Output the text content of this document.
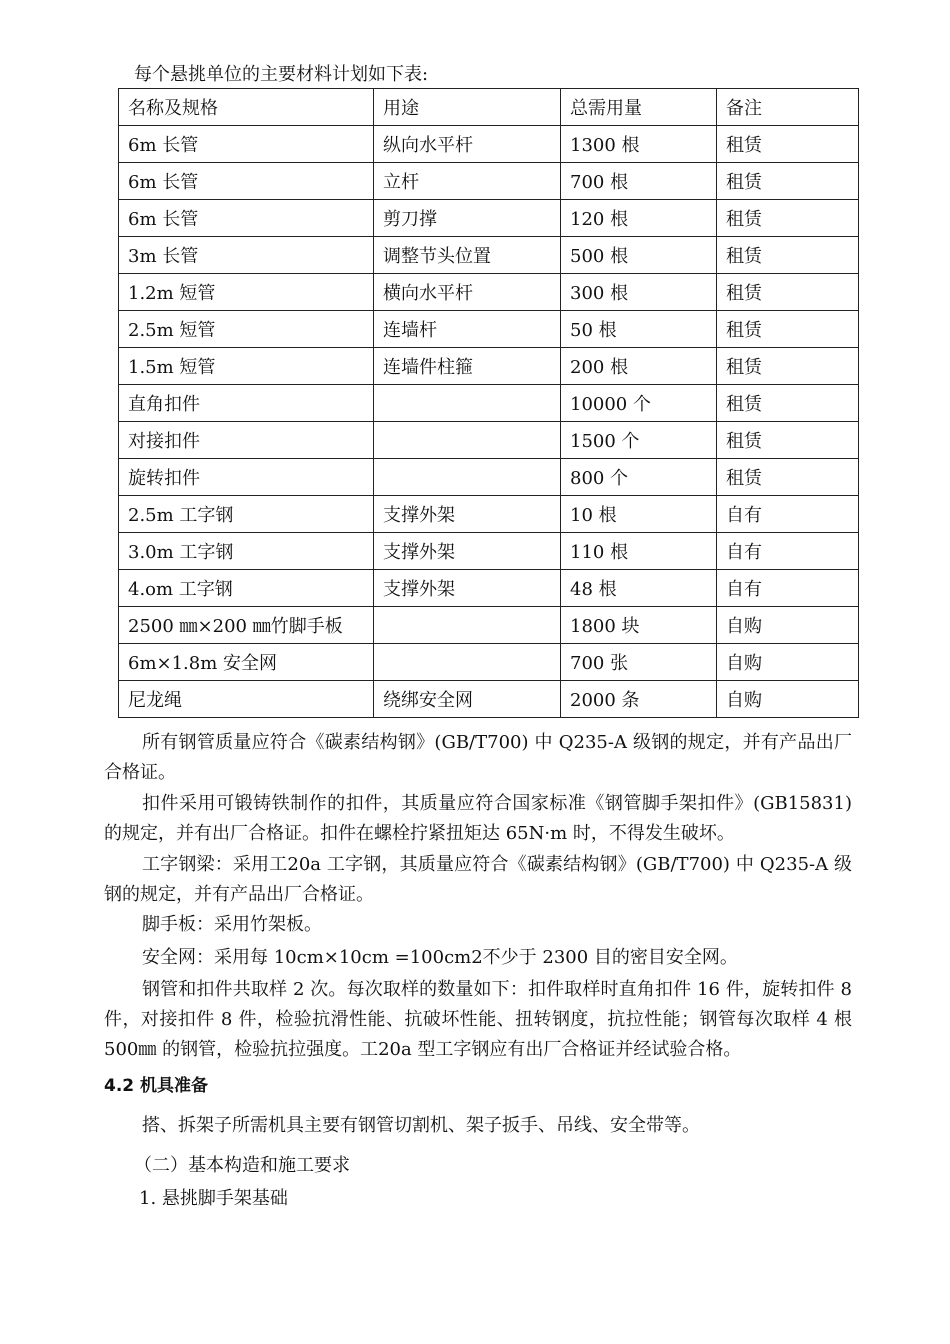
每个悬挑单位的主要材料计划如下表:

名称及规格	用途	总需用量	备注
6m 长管	纵向水平杆	1300 根	租赁
6m 长管	立杆	700 根	租赁
6m 长管	剪刀撑	120 根	租赁
3m 长管	调整节头位置	500 根	租赁
1.2m 短管	横向水平杆	300 根	租赁
2.5m 短管	连墙杆	50 根	租赁
1.5m 短管	连墙件柱箍	200 根	租赁
直角扣件		10000 个	租赁
对接扣件		1500 个	租赁
旋转扣件		800 个	租赁
2.5m 工字钢	支撑外架	10 根	自有
3.0m 工字钢	支撑外架	110 根	自有
4.om 工字钢	支撑外架	48 根	自有
2500 ㎜×200 ㎜竹脚手板		1800 块	自购
6m×1.8m 安全网		700 张	自购
尼龙绳	绕绑安全网	2000 条	自购

所有钢管质量应符合《碳素结构钢》(GB/T700) 中 Q235-A 级钢的规定，并有产品出厂合格证。

扣件采用可锻铸铁制作的扣件，其质量应符合国家标准《钢管脚手架扣件》(GB15831) 的规定，并有出厂合格证。扣件在螺栓拧紧扭矩达 65N·m 时，不得发生破坏。

工字钢梁：采用工20a 工字钢，其质量应符合《碳素结构钢》(GB/T700) 中 Q235-A 级钢的规定，并有产品出厂合格证。

脚手板：采用竹架板。

安全网：采用每 10cm×10cm =100cm2不少于 2300 目的密目安全网。

钢管和扣件共取样 2 次。每次取样的数量如下：扣件取样时直角扣件 16 件，旋转扣件 8 件，对接扣件 8 件，检验抗滑性能、抗破坏性能、扭转钢度，抗拉性能；钢管每次取样 4 根 500㎜ 的钢管，检验抗拉强度。工20a 型工字钢应有出厂合格证并经试验合格。

4.2 机具准备

搭、拆架子所需机具主要有钢管切割机、架子扳手、吊线、安全带等。

（二）基本构造和施工要求

1. 悬挑脚手架基础
